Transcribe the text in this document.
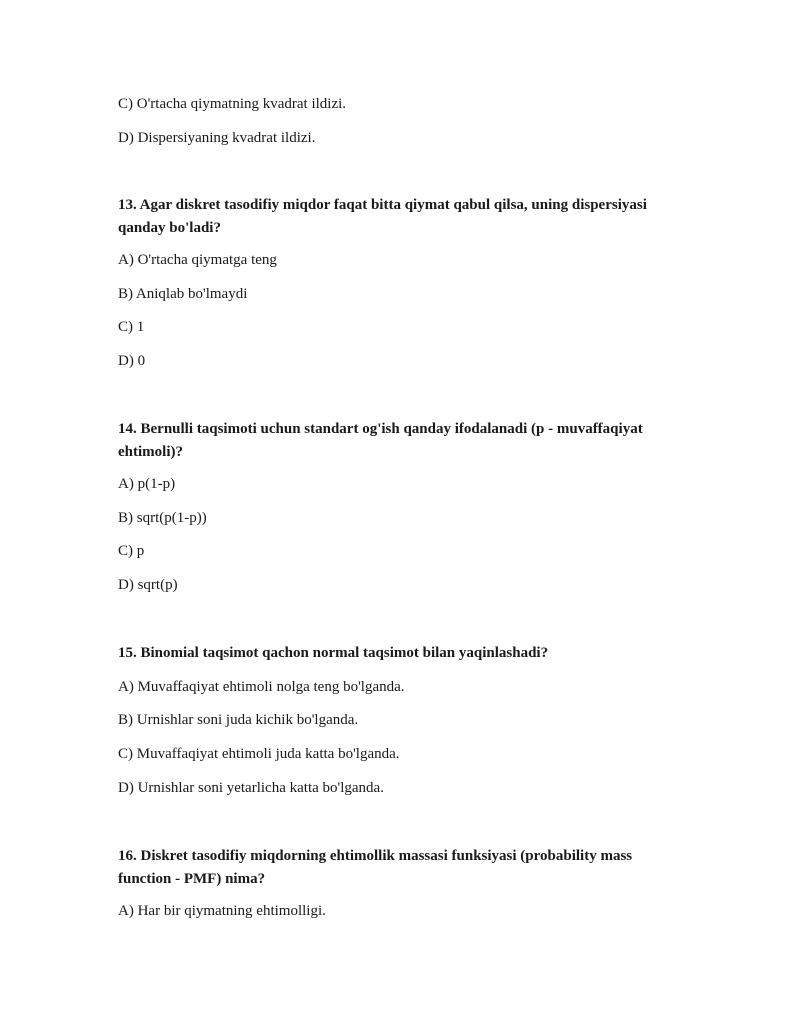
C) O'rtacha qiymatning kvadrat ildizi.
D) Dispersiyaning kvadrat ildizi.
13. Agar diskret tasodifiy miqdor faqat bitta qiymat qabul qilsa, uning dispersiyasi qanday bo'ladi?
A) O'rtacha qiymatga teng
B) Aniqlab bo'lmaydi
C) 1
D) 0
14. Bernulli taqsimoti uchun standart og'ish qanday ifodalanadi (p - muvaffaqiyat ehtimoli)?
A) p(1-p)
B) sqrt(p(1-p))
C) p
D) sqrt(p)
15. Binomial taqsimot qachon normal taqsimot bilan yaqinlashadi?
A) Muvaffaqiyat ehtimoli nolga teng bo'lganda.
B) Urnishlar soni juda kichik bo'lganda.
C) Muvaffaqiyat ehtimoli juda katta bo'lganda.
D) Urnishlar soni yetarlicha katta bo'lganda.
16. Diskret tasodifiy miqdorning ehtimollik massasi funksiyasi (probability mass function - PMF) nima?
A) Har bir qiymatning ehtimolligi.
